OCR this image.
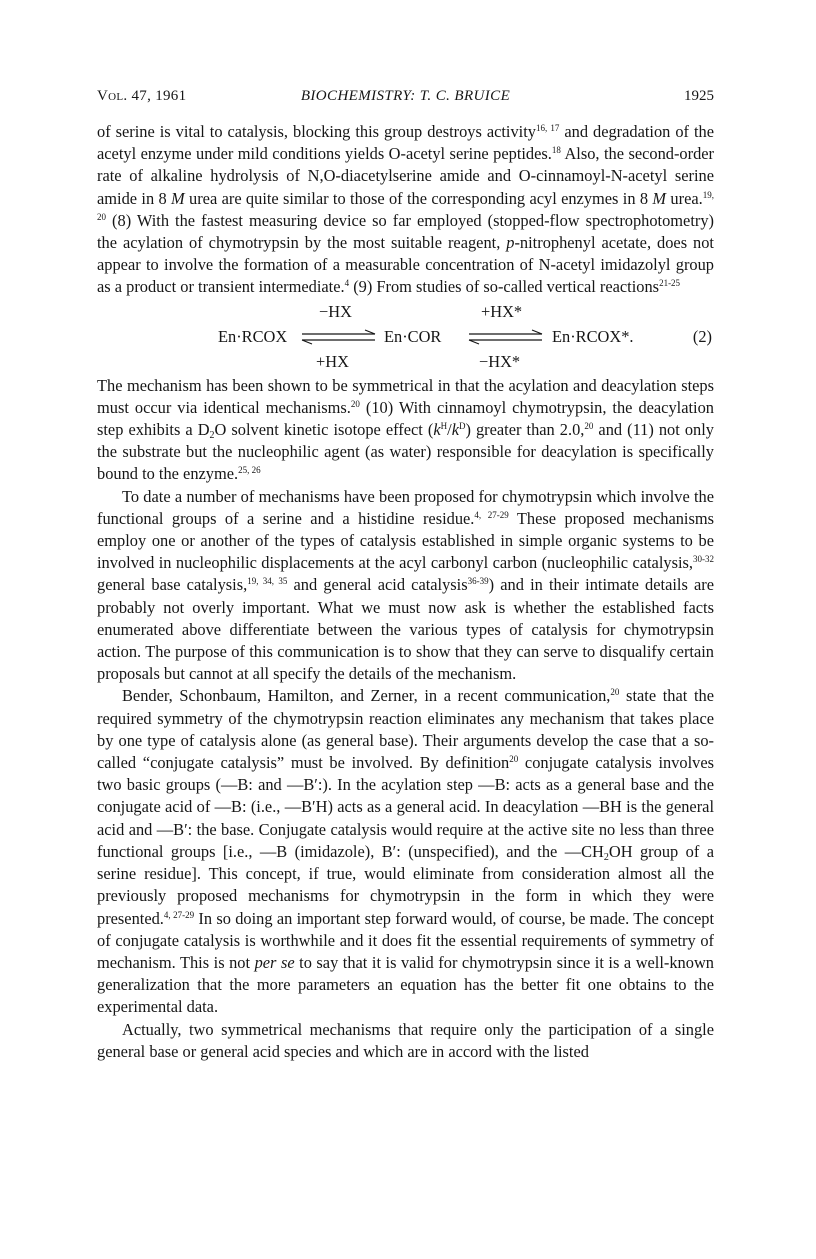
Vol. 47, 1961	BIOCHEMISTRY: T. C. BRUICE	1925

of serine is vital to catalysis, blocking this group destroys activity$^{16, 17}$ and degradation of the acetyl enzyme under mild conditions yields O-acetyl serine peptides.$^{18}$ Also, the second-order rate of alkaline hydrolysis of N,O-diacetylserine amide and O-cinnamoyl-N-acetyl serine amide in 8 M urea are quite similar to those of the corresponding acyl enzymes in 8 M urea.$^{19, 20}$ (8) With the fastest measuring device so far employed (stopped-flow spectrophotometry) the acylation of chymotrypsin by the most suitable reagent, p-nitrophenyl acetate, does not appear to involve the formation of a measurable concentration of N-acetyl imidazolyl group as a product or transient intermediate.$^4$ (9) From studies of so-called vertical reactions$^{21-25}$

En·RCOX
−HX
+HX
En·COR
+HX*
−HX*
En·RCOX*.	(2)

The mechanism has been shown to be symmetrical in that the acylation and deacylation steps must occur via identical mechanisms.$^{20}$ (10) With cinnamoyl chymotrypsin, the deacylation step exhibits a $D_2O$ solvent kinetic isotope effect $(k^H/k^D)$ greater than 2.0,20 and (11) not only the substrate but the nucleophilic agent (as water) responsible for deacylation is specifically bound to the enzyme.$^{25, 26}$

To date a number of mechanisms have been proposed for chymotrypsin which involve the functional groups of a serine and a histidine residue.$^{4, 27-29}$ These proposed mechanisms employ one or another of the types of catalysis established in simple organic systems to be involved in nucleophilic displacements at the acyl carbonyl carbon (nucleophilic catalysis,$^{30-32}$ general base catalysis,$^{19, 34, 35}$ and general acid catalysis$^{36-39}$) and in their intimate details are probably not overly important. What we must now ask is whether the established facts enumerated above differentiate between the various types of catalysis for chymotrypsin action. The purpose of this communication is to show that they can serve to disqualify certain proposals but cannot at all specify the details of the mechanism.

Bender, Schonbaum, Hamilton, and Zerner, in a recent communication,$^{20}$ state that the required symmetry of the chymotrypsin reaction eliminates any mechanism that takes place by one type of catalysis alone (as general base). Their arguments develop the case that a so-called “conjugate catalysis” must be involved. By definition$^{20}$ conjugate catalysis involves two basic groups (—B: and —B′:). In the acylation step —B: acts as a general base and the conjugate acid of —B: (i.e., —B′H) acts as a general acid. In deacylation —BH is the general acid and —B′: the base. Conjugate catalysis would require at the active site no less than three functional groups [i.e., —B (imidazole), B′: (unspecified), and the $—CH_2OH$ group of a serine residue]. This concept, if true, would eliminate from consideration almost all the previously proposed mechanisms for chymotrypsin in the form in which they were presented.$^{4, 27-29}$ In so doing an important step forward would, of course, be made. The concept of conjugate catalysis is worthwhile and it does fit the essential requirements of symmetry of mechanism. This is not per se to say that it is valid for chymotrypsin since it is a well-known generalization that the more parameters an equation has the better fit one obtains to the experimental data.

Actually, two symmetrical mechanisms that require only the participation of a single general base or general acid species and which are in accord with the listed
